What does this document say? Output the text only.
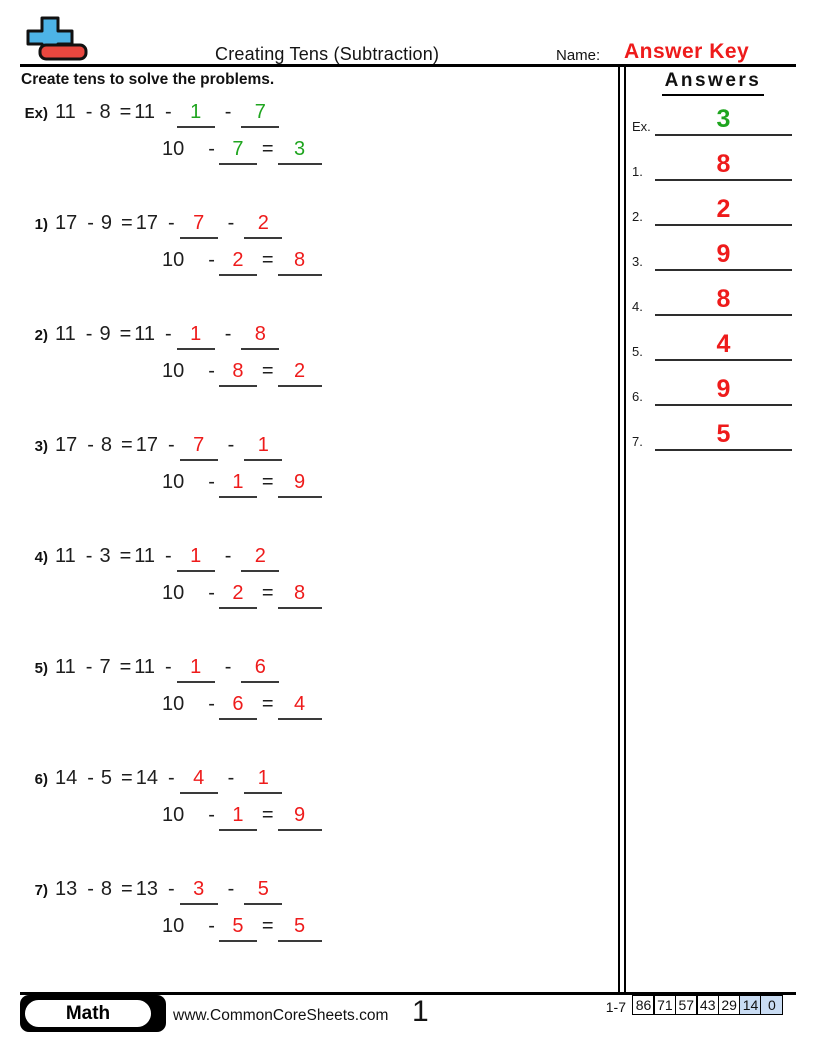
Creating Tens (Subtraction)	Name: Answer Key
Create tens to solve the problems.
Ex) 11 - 8 = 11 - 1	-	7
10 - 7 =	3
1) 17 - 9 = 17 - 7	-	2
10 - 2 =	8
2) 11 - 9 = 11 - 1	-	8
10 - 8 =	2
3) 17 - 8 = 17 - 7	-	1
10 - 1 =	9
4) 11 - 3 = 11 - 1	-	2
10 - 2 =	8
5) 11 - 7 = 11 - 1	-	6
10 - 6 =	4
6) 14 - 5 = 14 - 4	-	1
10 - 1 =	9
7) 13 - 8 = 13 - 3	-	5
10 - 5 =	5
Answers
Ex.	3
1.	8
2.	2
3.	9
4.	8
5.	4
6.	9
7.	5
Math	www.CommonCoreSheets.com 1	1-7 86 71 57 43 29 14 0
